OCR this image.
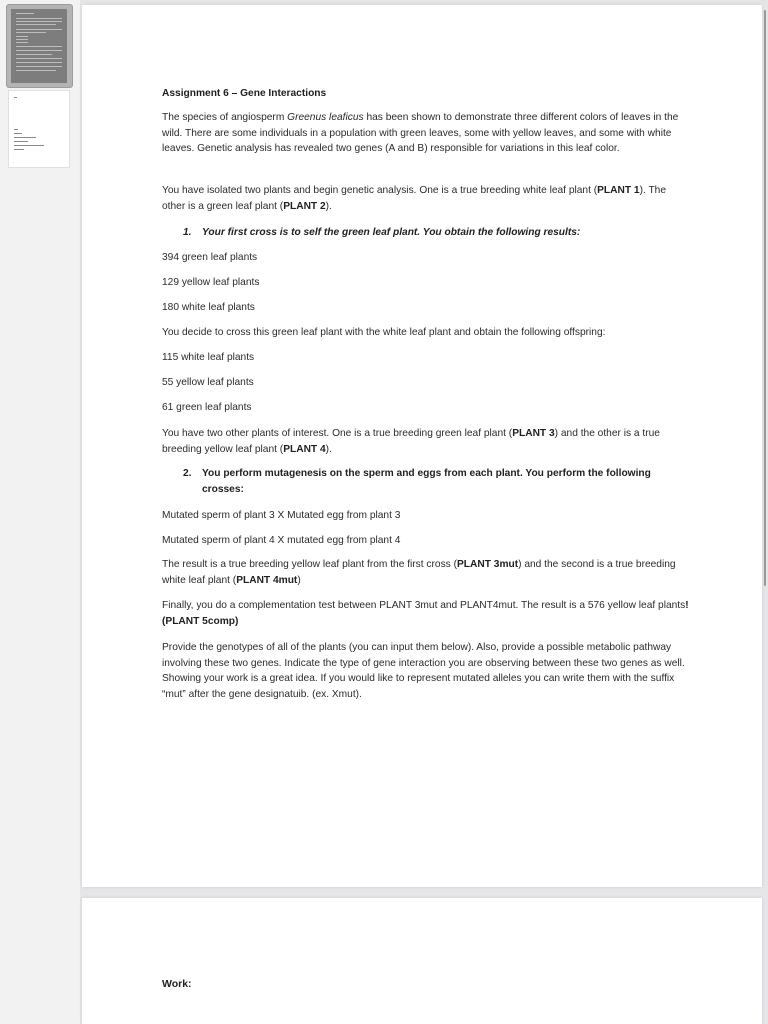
Assignment 6 – Gene Interactions

The species of angiosperm Greenus leaficus has been shown to demonstrate three different colors of leaves in the wild. There are some individuals in a population with green leaves, some with yellow leaves, and some with white leaves. Genetic analysis has revealed two genes (A and B) responsible for variations in this leaf color.

You have isolated two plants and begin genetic analysis. One is a true breeding white leaf plant (PLANT 1). The other is a green leaf plant (PLANT 2).

1. Your first cross is to self the green leaf plant. You obtain the following results:

394 green leaf plants

129 yellow leaf plants

180 white leaf plants

You decide to cross this green leaf plant with the white leaf plant and obtain the following offspring:

115 white leaf plants

55 yellow leaf plants

61 green leaf plants

You have two other plants of interest. One is a true breeding green leaf plant (PLANT 3) and the other is a true breeding yellow leaf plant (PLANT 4).

2. You perform mutagenesis on the sperm and eggs from each plant. You perform the following crosses:

Mutated sperm of plant 3 X Mutated egg from plant 3

Mutated sperm of plant 4 X mutated egg from plant 4

The result is a true breeding yellow leaf plant from the first cross (PLANT 3mut) and the second is a true breeding white leaf plant (PLANT 4mut)

Finally, you do a complementation test between PLANT 3mut and PLANT4mut. The result is a 576 yellow leaf plants! (PLANT 5comp)

Provide the genotypes of all of the plants (you can input them below). Also, provide a possible metabolic pathway involving these two genes. Indicate the type of gene interaction you are observing between these two genes as well. Showing your work is a great idea. If you would like to represent mutated alleles you can write them with the suffix “mut” after the gene designatuib. (ex. Xmut).

Work:
